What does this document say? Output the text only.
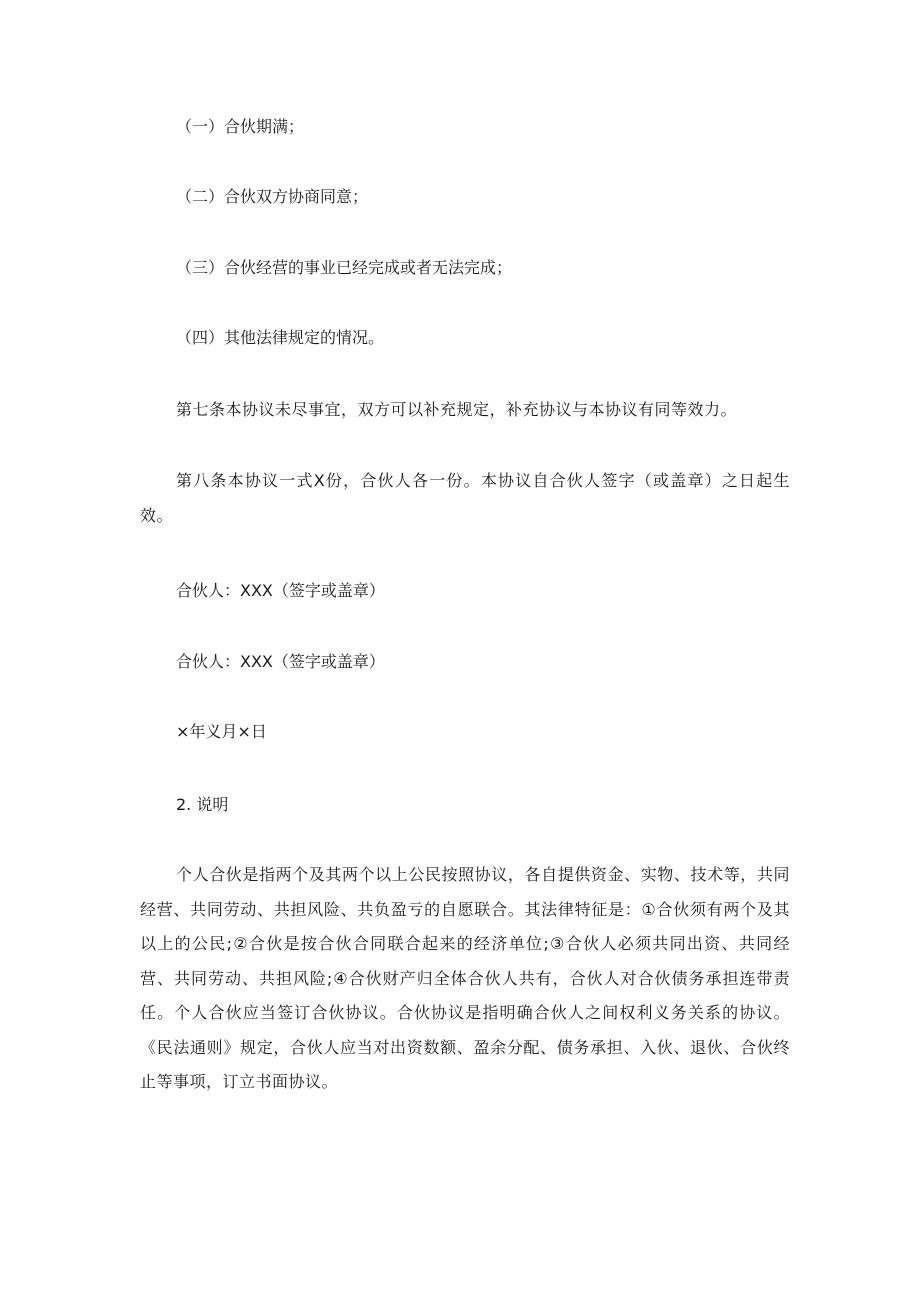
（一）合伙期满；

（二）合伙双方协商同意；

（三）合伙经营的事业已经完成或者无法完成；

（四）其他法律规定的情况。

第七条本协议未尽事宜，双方可以补充规定，补充协议与本协议有同等效力。

第八条本协议一式X份，合伙人各一份。本协议自合伙人签字（或盖章）之日起生效。

合伙人：XXX（签字或盖章）

合伙人：XXX（签字或盖章）

×年义月×日

2. 说明

个人合伙是指两个及其两个以上公民按照协议，各自提供资金、实物、技术等，共同经营、共同劳动、共担风险、共负盈亏的自愿联合。其法律特征是：①合伙须有两个及其以上的公民;②合伙是按合伙合同联合起来的经济单位;③合伙人必须共同出资、共同经营、共同劳动、共担风险;④合伙财产归全体合伙人共有，合伙人对合伙债务承担连带责任。个人合伙应当签订合伙协议。合伙协议是指明确合伙人之间权利义务关系的协议。《民法通则》规定，合伙人应当对出资数额、盈余分配、债务承担、入伙、退伙、合伙终止等事项，订立书面协议。
